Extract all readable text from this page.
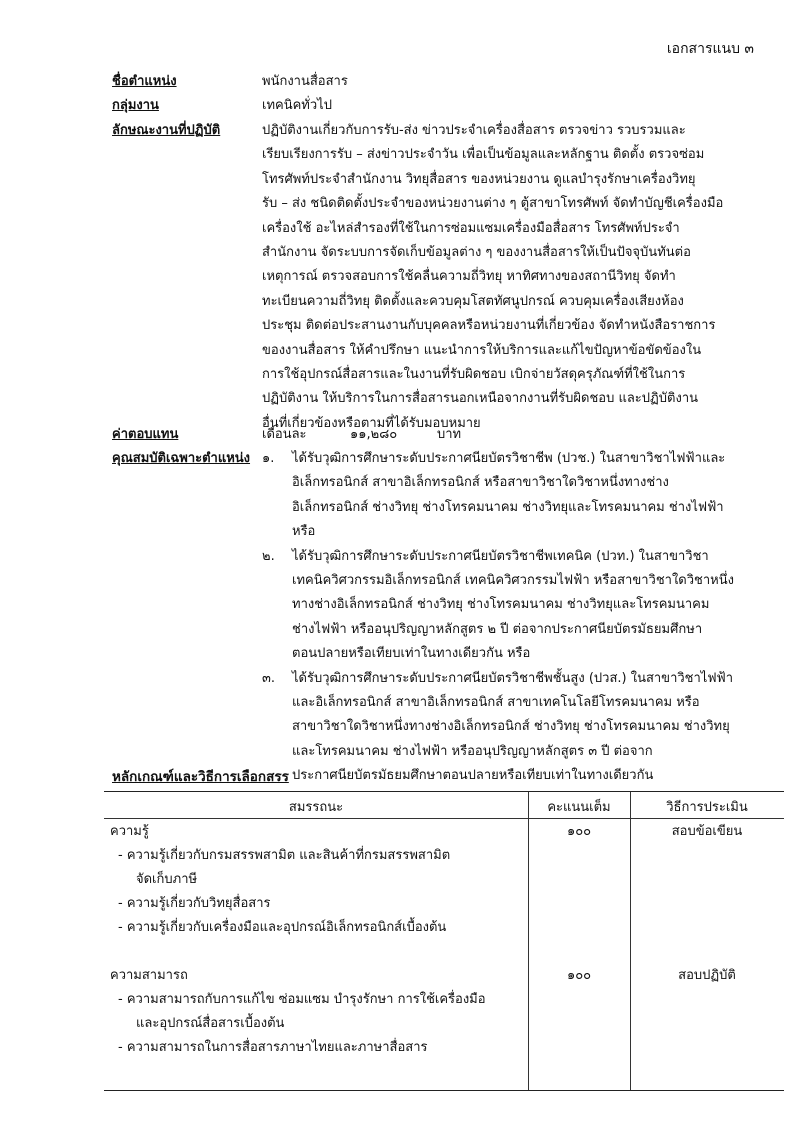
เอกสารแนบ ๓
ชื่อตำแหน่ง	พนักงานสื่อสาร
กลุ่มงาน	เทคนิคทั่วไป
ลักษณะงานที่ปฏิบัติ	ปฏิบัติงานเกี่ยวกับการรับ-ส่ง ข่าวประจำเครื่องสื่อสาร ตรวจข่าว รวบรวมและ
เรียบเรียงการรับ – ส่งข่าวประจำวัน เพื่อเป็นข้อมูลและหลักฐาน ติดตั้ง ตรวจซ่อม
โทรศัพท์ประจำสำนักงาน วิทยุสื่อสาร ของหน่วยงาน ดูแลบำรุงรักษาเครื่องวิทยุ
รับ – ส่ง ชนิดติดตั้งประจำของหน่วยงานต่าง ๆ ตู้สาขาโทรศัพท์ จัดทำบัญชีเครื่องมือ
เครื่องใช้ อะไหล่สำรองที่ใช้ในการซ่อมแซมเครื่องมือสื่อสาร โทรศัพท์ประจำ
สำนักงาน จัดระบบการจัดเก็บข้อมูลต่าง ๆ ของงานสื่อสารให้เป็นปัจจุบันทันต่อ
เหตุการณ์ ตรวจสอบการใช้คลื่นความถี่วิทยุ หาทิศทางของสถานีวิทยุ จัดทำ
ทะเบียนความถี่วิทยุ ติดตั้งและควบคุมโสตทัศนูปกรณ์ ควบคุมเครื่องเสียงห้อง
ประชุม ติดต่อประสานงานกับบุคคลหรือหน่วยงานที่เกี่ยวข้อง จัดทำหนังสือราชการ
ของงานสื่อสาร ให้คำปรึกษา แนะนำการให้บริการและแก้ไขปัญหาข้อขัดข้องใน
การใช้อุปกรณ์สื่อสารและในงานที่รับผิดชอบ เบิกจ่ายวัสดุครุภัณฑ์ที่ใช้ในการ
ปฏิบัติงาน ให้บริการในการสื่อสารนอกเหนือจากงานที่รับผิดชอบ และปฏิบัติงาน
อื่นที่เกี่ยวข้องหรือตามที่ได้รับมอบหมาย
ค่าตอบแทน	เดือนละ	๑๑,๒๘๐	บาท
คุณสมบัติเฉพาะตำแหน่ง ๑. ได้รับวุฒิการศึกษาระดับประกาศนียบัตรวิชาชีพ (ปวช.) ในสาขาวิชาไฟฟ้าและ
อิเล็กทรอนิกส์ สาขาอิเล็กทรอนิกส์ หรือสาขาวิชาใดวิชาหนึ่งทางช่าง
อิเล็กทรอนิกส์ ช่างวิทยุ ช่างโทรคมนาคม ช่างวิทยุและโทรคมนาคม ช่างไฟฟ้า
หรือ
๒. ได้รับวุฒิการศึกษาระดับประกาศนียบัตรวิชาชีพเทคนิค (ปวท.) ในสาขาวิชา
เทคนิควิศวกรรมอิเล็กทรอนิกส์ เทคนิควิศวกรรมไฟฟ้า หรือสาขาวิชาใดวิชาหนึ่ง
ทางช่างอิเล็กทรอนิกส์ ช่างวิทยุ ช่างโทรคมนาคม ช่างวิทยุและโทรคมนาคม
ช่างไฟฟ้า หรืออนุปริญญาหลักสูตร ๒ ปี ต่อจากประกาศนียบัตรมัธยมศึกษา
ตอนปลายหรือเทียบเท่าในทางเดียวกัน หรือ
๓. ได้รับวุฒิการศึกษาระดับประกาศนียบัตรวิชาชีพชั้นสูง (ปวส.) ในสาขาวิชาไฟฟ้า
และอิเล็กทรอนิกส์ สาขาอิเล็กทรอนิกส์ สาขาเทคโนโลยีโทรคมนาคม หรือ
สาขาวิชาใดวิชาหนึ่งทางช่างอิเล็กทรอนิกส์ ช่างวิทยุ ช่างโทรคมนาคม ช่างวิทยุ
และโทรคมนาคม ช่างไฟฟ้า หรืออนุปริญญาหลักสูตร ๓ ปี ต่อจาก
ประกาศนียบัตรมัธยมศึกษาตอนปลายหรือเทียบเท่าในทางเดียวกัน
หลักเกณฑ์และวิธีการเลือกสรร
สมรรถนะ	คะแนนเต็ม	วิธีการประเมิน
ความรู้
- ความรู้เกี่ยวกับกรมสรรพสามิต และสินค้าที่กรมสรรพสามิต
จัดเก็บภาษี
- ความรู้เกี่ยวกับวิทยุสื่อสาร
- ความรู้เกี่ยวกับเครื่องมือและอุปกรณ์อิเล็กทรอนิกส์เบื้องต้น
๑๐๐	สอบข้อเขียน
ความสามารถ
- ความสามารถกับการแก้ไข ซ่อมแซม บำรุงรักษา การใช้เครื่องมือ
และอุปกรณ์สื่อสารเบื้องต้น
- ความสามารถในการสื่อสารภาษาไทยและภาษาสื่อสาร
๑๐๐	สอบปฏิบัติ
